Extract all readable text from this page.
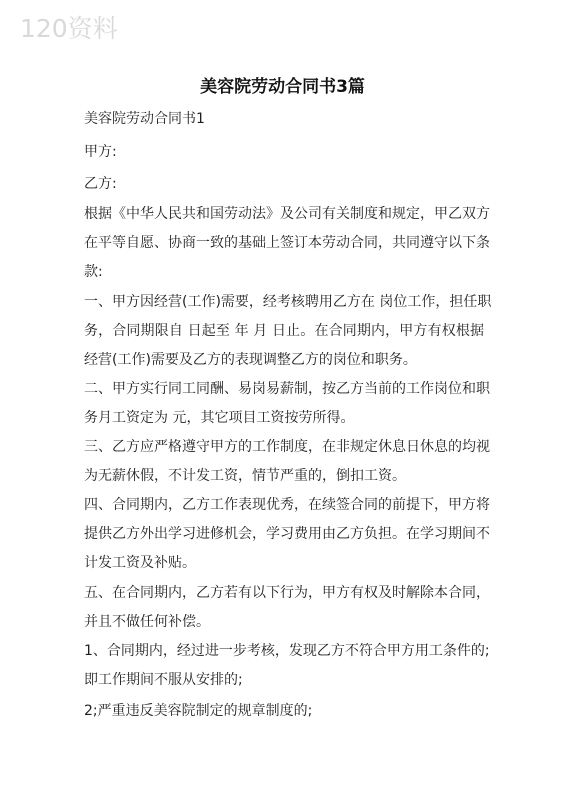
120资料
美容院劳动合同书3篇
美容院劳动合同书1
甲方:
乙方:
根据《中华人民共和国劳动法》及公司有关制度和规定，甲乙双方
在平等自愿、协商一致的基础上签订本劳动合同，共同遵守以下条
款:
一、甲方因经营(工作)需要，经考核聘用乙方在 岗位工作，担任职
务，合同期限自 日起至 年 月 日止。在合同期内，甲方有权根据
经营(工作)需要及乙方的表现调整乙方的岗位和职务。
二、甲方实行同工同酬、易岗易薪制，按乙方当前的工作岗位和职
务月工资定为 元，其它项目工资按劳所得。
三、乙方应严格遵守甲方的工作制度，在非规定休息日休息的均视
为无薪休假，不计发工资，情节严重的，倒扣工资。
四、合同期内，乙方工作表现优秀，在续签合同的前提下，甲方将
提供乙方外出学习进修机会，学习费用由乙方负担。在学习期间不
计发工资及补贴。
五、在合同期内，乙方若有以下行为，甲方有权及时解除本合同，
并且不做任何补偿。
1、合同期内，经过进一步考核，发现乙方不符合甲方用工条件的;
即工作期间不服从安排的;
2;严重违反美容院制定的规章制度的;
